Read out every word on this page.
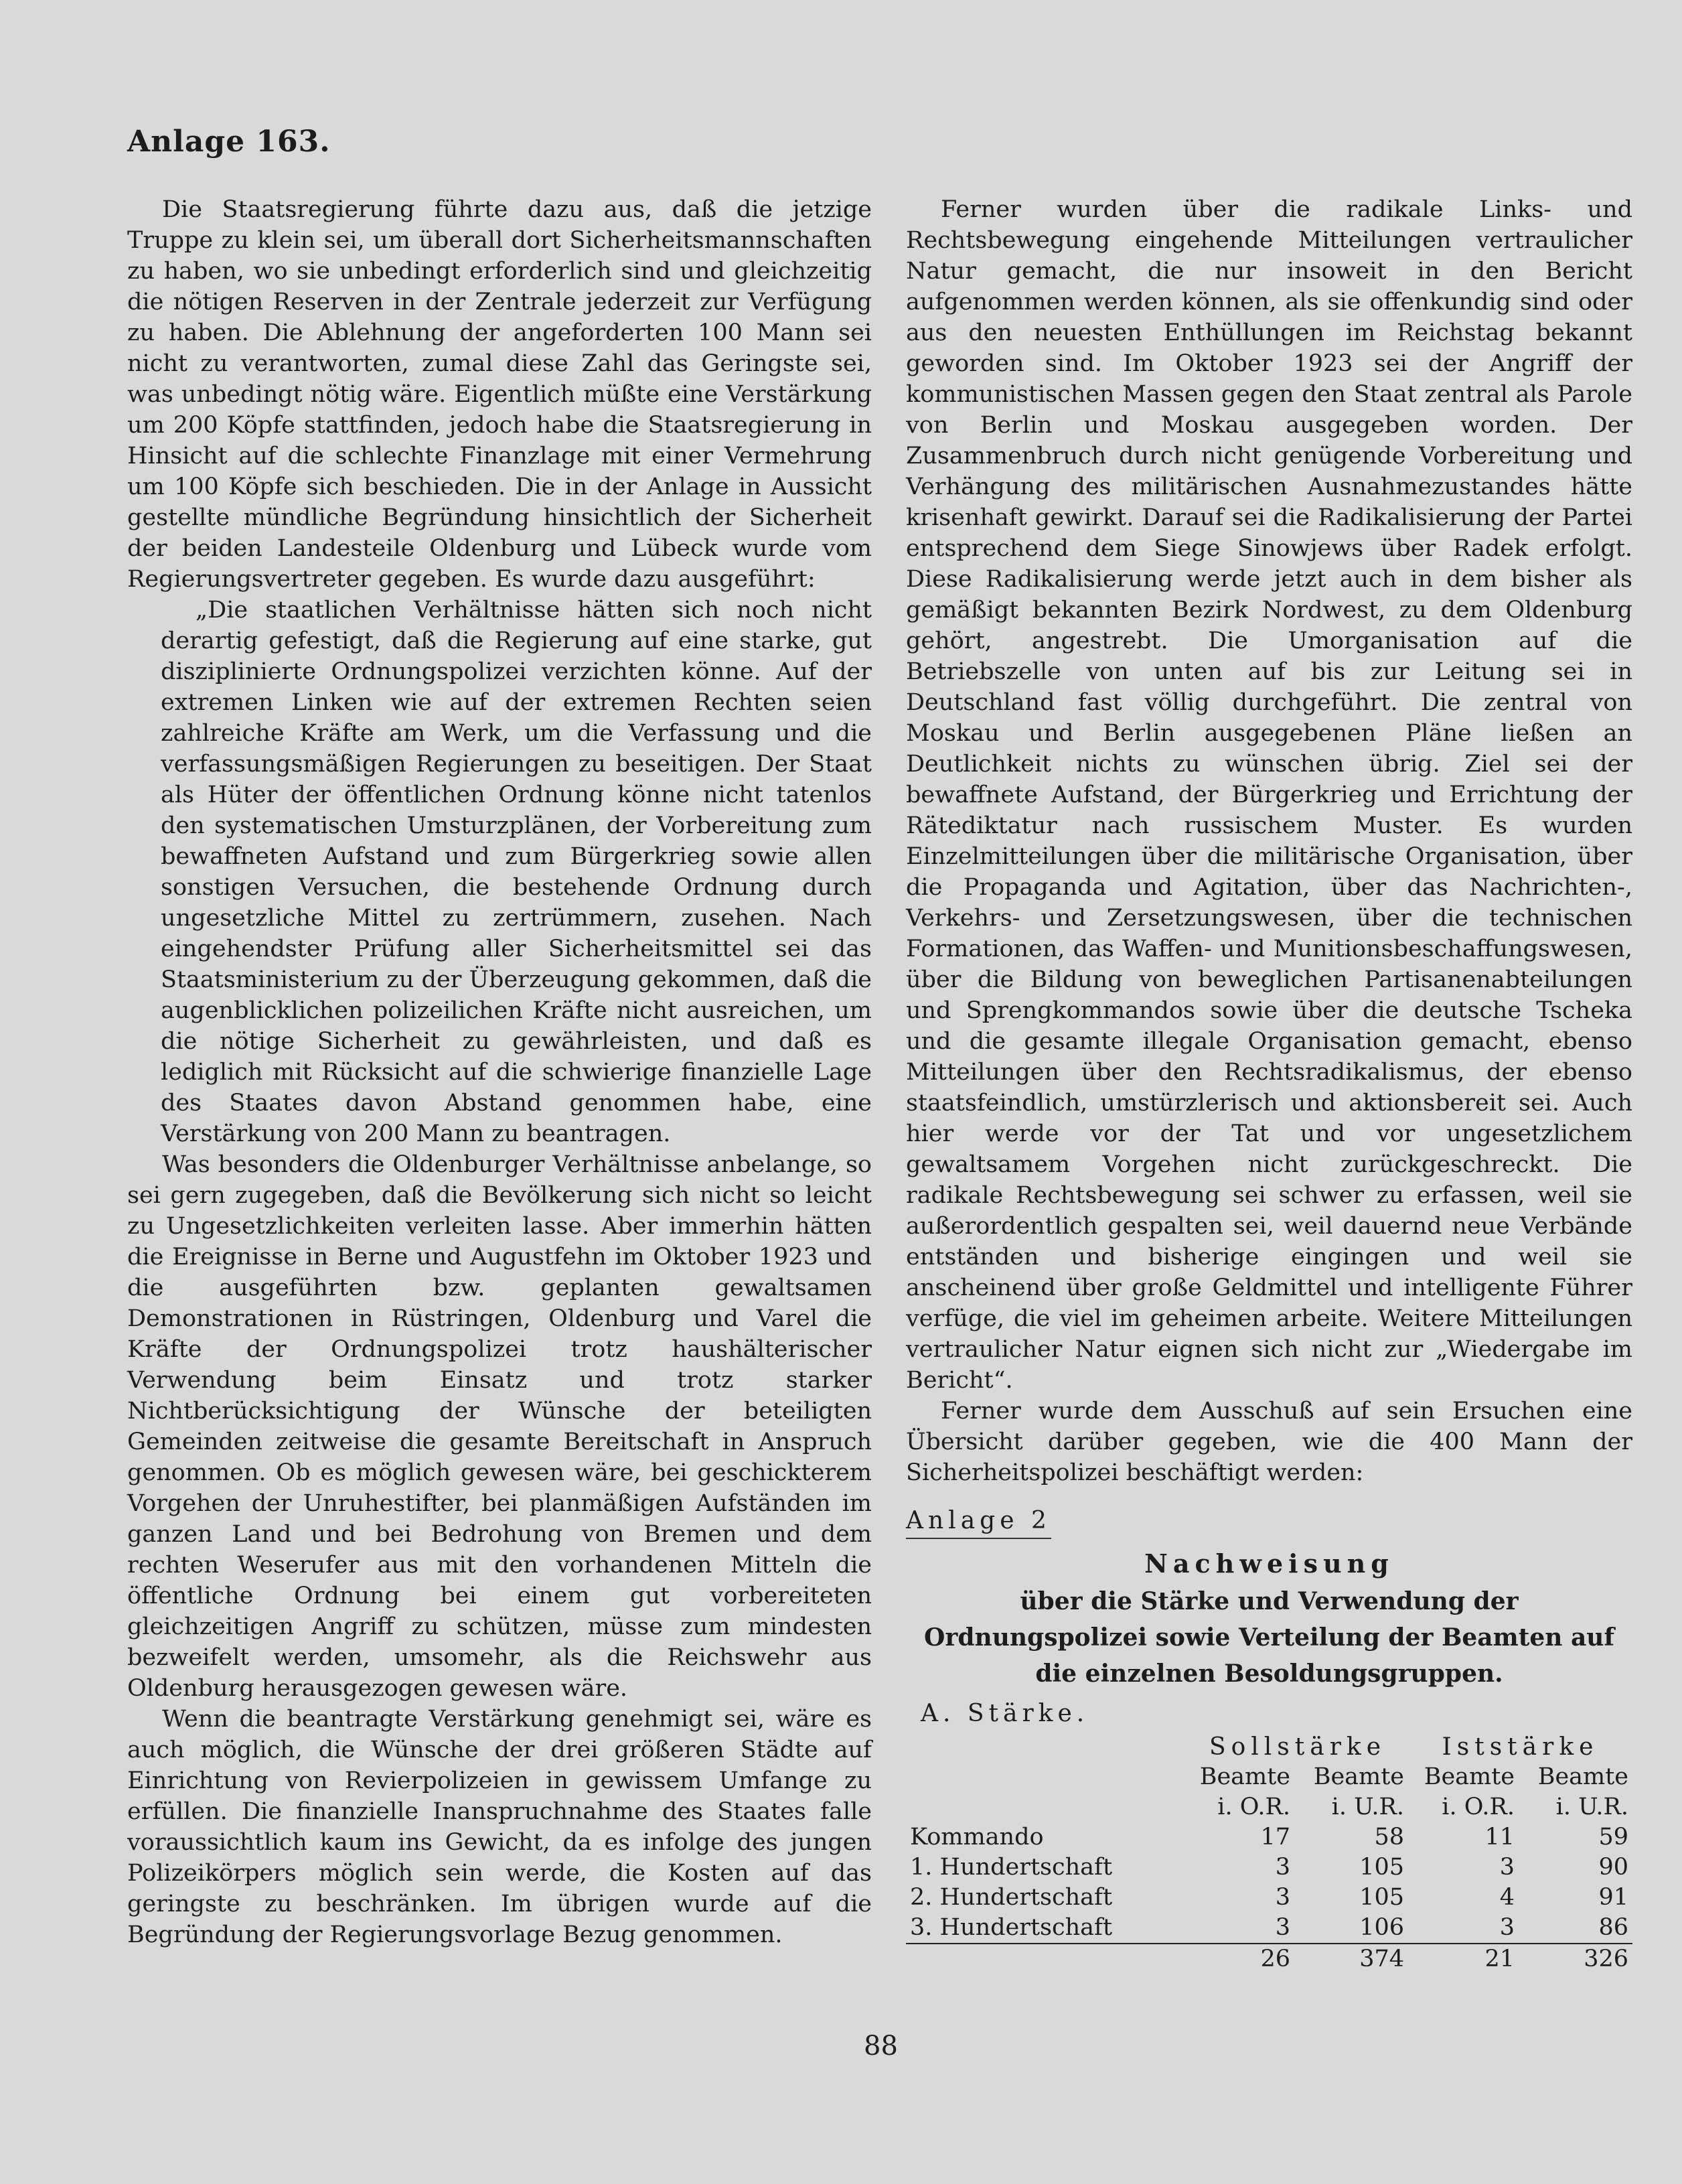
Anlage 163.

Die Staatsregierung führte dazu aus, daß die jetzige Truppe zu klein sei, um überall dort Sicherheitsmannschaften zu haben, wo sie unbedingt erforderlich sind und gleichzeitig die nötigen Reserven in der Zentrale jederzeit zur Verfügung zu haben. Die Ablehnung der angeforderten 100 Mann sei nicht zu verantworten, zumal diese Zahl das Geringste sei, was unbedingt nötig wäre. Eigentlich müßte eine Verstärkung um 200 Köpfe stattfinden, jedoch habe die Staatsregierung in Hinsicht auf die schlechte Finanzlage mit einer Vermehrung um 100 Köpfe sich beschieden. Die in der Anlage in Aussicht gestellte mündliche Begründung hinsichtlich der Sicherheit der beiden Landesteile Oldenburg und Lübeck wurde vom Regierungsvertreter gegeben. Es wurde dazu ausgeführt:

„Die staatlichen Verhältnisse hätten sich noch nicht derartig gefestigt, daß die Regierung auf eine starke, gut disziplinierte Ordnungspolizei verzichten könne. Auf der extremen Linken wie auf der extremen Rechten seien zahlreiche Kräfte am Werk, um die Verfassung und die verfassungsmäßigen Regierungen zu beseitigen. Der Staat als Hüter der öffentlichen Ordnung könne nicht tatenlos den systematischen Umsturzplänen, der Vorbereitung zum bewaffneten Aufstand und zum Bürgerkrieg sowie allen sonstigen Versuchen, die bestehende Ordnung durch ungesetzliche Mittel zu zertrümmern, zusehen. Nach eingehendster Prüfung aller Sicherheitsmittel sei das Staatsministerium zu der Überzeugung gekommen, daß die augenblicklichen polizeilichen Kräfte nicht ausreichen, um die nötige Sicherheit zu gewährleisten, und daß es lediglich mit Rücksicht auf die schwierige finanzielle Lage des Staates davon Abstand genommen habe, eine Verstärkung von 200 Mann zu beantragen.

Was besonders die Oldenburger Verhältnisse anbelange, so sei gern zugegeben, daß die Bevölkerung sich nicht so leicht zu Ungesetzlichkeiten verleiten lasse. Aber immerhin hätten die Ereignisse in Berne und Augustfehn im Oktober 1923 und die ausgeführten bzw. geplanten gewaltsamen Demonstrationen in Rüstringen, Oldenburg und Varel die Kräfte der Ordnungspolizei trotz haushälterischer Verwendung beim Einsatz und trotz starker Nichtberücksichtigung der Wünsche der beteiligten Gemeinden zeitweise die gesamte Bereitschaft in Anspruch genommen. Ob es möglich gewesen wäre, bei geschickterem Vorgehen der Unruhestifter, bei planmäßigen Aufständen im ganzen Land und bei Bedrohung von Bremen und dem rechten Weserufer aus mit den vorhandenen Mitteln die öffentliche Ordnung bei einem gut vorbereiteten gleichzeitigen Angriff zu schützen, müsse zum mindesten bezweifelt werden, umsomehr, als die Reichswehr aus Oldenburg herausgezogen gewesen wäre.

Wenn die beantragte Verstärkung genehmigt sei, wäre es auch möglich, die Wünsche der drei größeren Städte auf Einrichtung von Revierpolizeien in gewissem Umfange zu erfüllen. Die finanzielle Inanspruchnahme des Staates falle voraussichtlich kaum ins Gewicht, da es infolge des jungen Polizeikörpers möglich sein werde, die Kosten auf das geringste zu beschränken. Im übrigen wurde auf die Begründung der Regierungsvorlage Bezug genommen.

Ferner wurden über die radikale Links- und Rechtsbewegung eingehende Mitteilungen vertraulicher Natur gemacht, die nur insoweit in den Bericht aufgenommen werden können, als sie offenkundig sind oder aus den neuesten Enthüllungen im Reichstag bekannt geworden sind. Im Oktober 1923 sei der Angriff der kommunistischen Massen gegen den Staat zentral als Parole von Berlin und Moskau ausgegeben worden. Der Zusammenbruch durch nicht genügende Vorbereitung und Verhängung des militärischen Ausnahmezustandes hätte krisenhaft gewirkt. Darauf sei die Radikalisierung der Partei entsprechend dem Siege Sinowjews über Radek erfolgt. Diese Radikalisierung werde jetzt auch in dem bisher als gemäßigt bekannten Bezirk Nordwest, zu dem Oldenburg gehört, angestrebt. Die Umorganisation auf die Betriebszelle von unten auf bis zur Leitung sei in Deutschland fast völlig durchgeführt. Die zentral von Moskau und Berlin ausgegebenen Pläne ließen an Deutlichkeit nichts zu wünschen übrig. Ziel sei der bewaffnete Aufstand, der Bürgerkrieg und Errichtung der Rätediktatur nach russischem Muster. Es wurden Einzelmitteilungen über die militärische Organisation, über die Propaganda und Agitation, über das Nachrichten-, Verkehrs- und Zersetzungswesen, über die technischen Formationen, das Waffen- und Munitionsbeschaffungswesen, über die Bildung von beweglichen Partisanenabteilungen und Sprengkommandos sowie über die deutsche Tscheka und die gesamte illegale Organisation gemacht, ebenso Mitteilungen über den Rechtsradikalismus, der ebenso staatsfeindlich, umstürzlerisch und aktionsbereit sei. Auch hier werde vor der Tat und vor ungesetzlichem gewaltsamem Vorgehen nicht zurückgeschreckt. Die radikale Rechtsbewegung sei schwer zu erfassen, weil sie außerordentlich gespalten sei, weil dauernd neue Verbände entständen und bisherige eingingen und weil sie anscheinend über große Geldmittel und intelligente Führer verfüge, die viel im geheimen arbeite. Weitere Mitteilungen vertraulicher Natur eignen sich nicht zur „Wiedergabe im Bericht“.

Ferner wurde dem Ausschuß auf sein Ersuchen eine Übersicht darüber gegeben, wie die 400 Mann der Sicherheitspolizei beschäftigt werden:

Anlage 2
Nachweisung
über die Stärke und Verwendung der Ordnungspolizei sowie Verteilung der Beamten auf die einzelnen Besoldungsgruppen.
A. Stärke.
	Sollstärke		Iststärke	
	Beamte	Beamte	Beamte	Beamte
	i. O.R.	i. U.R.	i. O.R.	i. U.R.
Kommando	17	58	11	59
1. Hundertschaft	3	105	3	90
2. Hundertschaft	3	105	4	91
3. Hundertschaft	3	106	3	86
	26	374	21	326
88
